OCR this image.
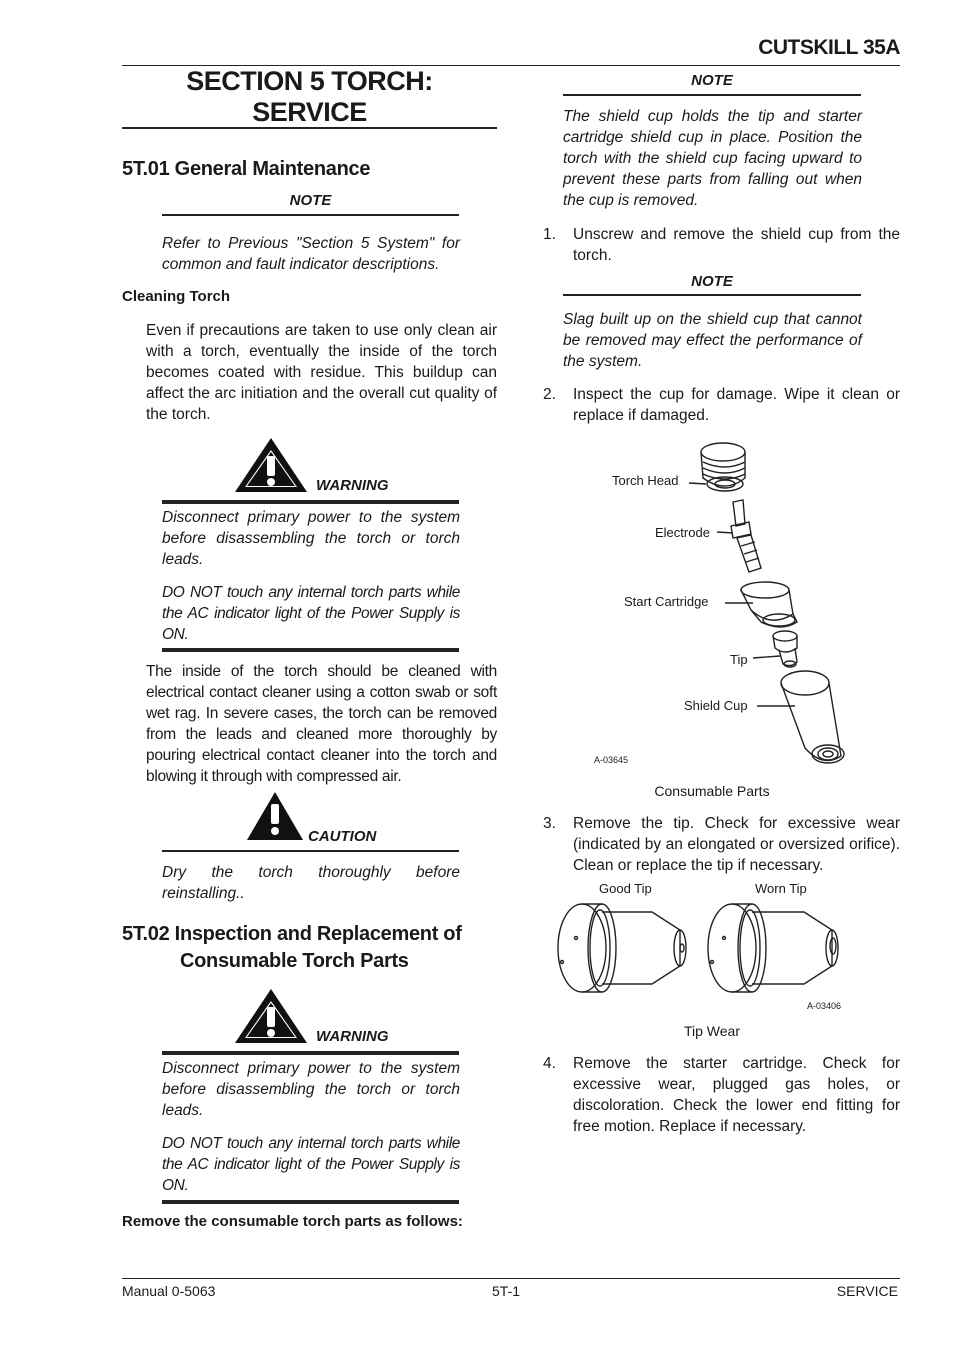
CUTSKILL 35A
SECTION 5 TORCH:
SERVICE
5T.01 General Maintenance
NOTE
Refer to Previous "Section 5 System" for common and fault indicator descriptions.
Cleaning Torch
Even if precautions are taken to use only clean air with a torch, eventually the inside of the torch becomes coated with residue. This buildup can affect the arc initiation and the overall cut quality of the torch.
WARNING
Disconnect primary power to the system before disassembling the torch or torch leads.
DO NOT touch any internal torch parts while the AC indicator light of the Power Supply is ON.
The inside of the torch should be cleaned with electrical contact cleaner using a cotton swab or soft wet rag. In severe cases, the torch can be removed from the leads and cleaned more thoroughly by pouring electrical contact cleaner into the torch and blowing it through with compressed air.
CAUTION
Dry the torch thoroughly before reinstalling..
5T.02 Inspection and Replacement of
Consumable Torch Parts
WARNING
Disconnect primary power to the system before disassembling the torch or torch leads.
DO NOT touch any internal torch parts while the AC indicator light of the Power Supply is ON.
Remove the consumable torch parts as follows:
NOTE
The shield cup holds the tip and starter cartridge shield cup in place. Position the torch with the shield cup facing upward to prevent these parts from falling out when the cup is removed.
1. Unscrew and remove the shield cup from the torch.
NOTE
Slag built up on the shield cup that cannot be removed may effect the performance of the system.
2. Inspect the cup for damage. Wipe it clean or replace if damaged.
Torch Head
Electrode
Start Cartridge
Tip
Shield Cup
A-03645
Consumable Parts
3. Remove the tip. Check for excessive wear (indicated by an elongated or oversized orifice). Clean or replace the tip if necessary.
Good Tip	Worn Tip
A-03406
Tip Wear
4. Remove the starter cartridge. Check for excessive wear, plugged gas holes, or discoloration. Check the lower end fitting for free motion. Replace if necessary.
Manual 0-5063	5T-1	SERVICE
